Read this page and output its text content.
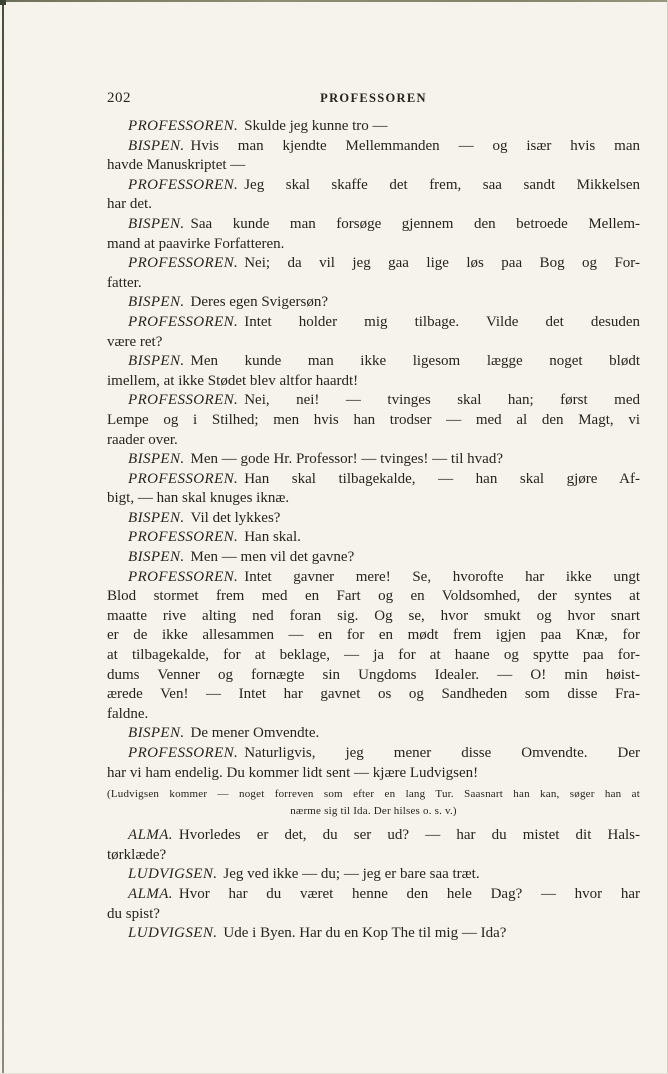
202	PROFESSOREN

PROFESSOREN. Skulde jeg kunne tro —

BISPEN. Hvis man kjendte Mellemmanden — og især hvis man
havde Manuskriptet —

PROFESSOREN. Jeg skal skaffe det frem, saa sandt Mikkelsen
har det.

BISPEN. Saa kunde man forsøge gjennem den betroede Mellem-
mand at paavirke Forfatteren.

PROFESSOREN. Nei; da vil jeg gaa lige løs paa Bog og For-
fatter.

BISPEN. Deres egen Svigersøn?

PROFESSOREN. Intet holder mig tilbage. Vilde det desuden
være ret?

BISPEN. Men kunde man ikke ligesom lægge noget blødt
imellem, at ikke Stødet blev altfor haardt!

PROFESSOREN. Nei, nei! — tvinges skal han; først med
Lempe og i Stilhed; men hvis han trodser — med al den Magt, vi
raader over.

BISPEN. Men — gode Hr. Professor! — tvinges! — til hvad?

PROFESSOREN. Han skal tilbagekalde, — han skal gjøre Af-
bigt, — han skal knuges iknæ.

BISPEN. Vil det lykkes?

PROFESSOREN. Han skal.

BISPEN. Men — men vil det gavne?

PROFESSOREN. Intet gavner mere! Se, hvorofte har ikke ungt
Blod stormet frem med en Fart og en Voldsomhed, der syntes at
maatte rive alting ned foran sig. Og se, hvor smukt og hvor snart
er de ikke allesammen — en for en mødt frem igjen paa Knæ, for
at tilbagekalde, for at beklage, — ja for at haane og spytte paa for-
dums Venner og fornægte sin Ungdoms Idealer. — O! min høist-
ærede Ven! — Intet har gavnet os og Sandheden som disse Fra-
faldne.

BISPEN. De mener Omvendte.

PROFESSOREN. Naturligvis, jeg mener disse Omvendte. Der
har vi ham endelig. Du kommer lidt sent — kjære Ludvigsen!

(Ludvigsen kommer — noget forreven som efter en lang Tur. Saasnart han kan, søger han at
nærme sig til Ida. Der hilses o. s. v.)

ALMA. Hvorledes er det, du ser ud? — har du mistet dit Hals-
tørklæde?

LUDVIGSEN. Jeg ved ikke — du; — jeg er bare saa træt.

ALMA. Hvor har du været henne den hele Dag? — hvor har
du spist?

LUDVIGSEN. Ude i Byen. Har du en Kop The til mig — Ida?
